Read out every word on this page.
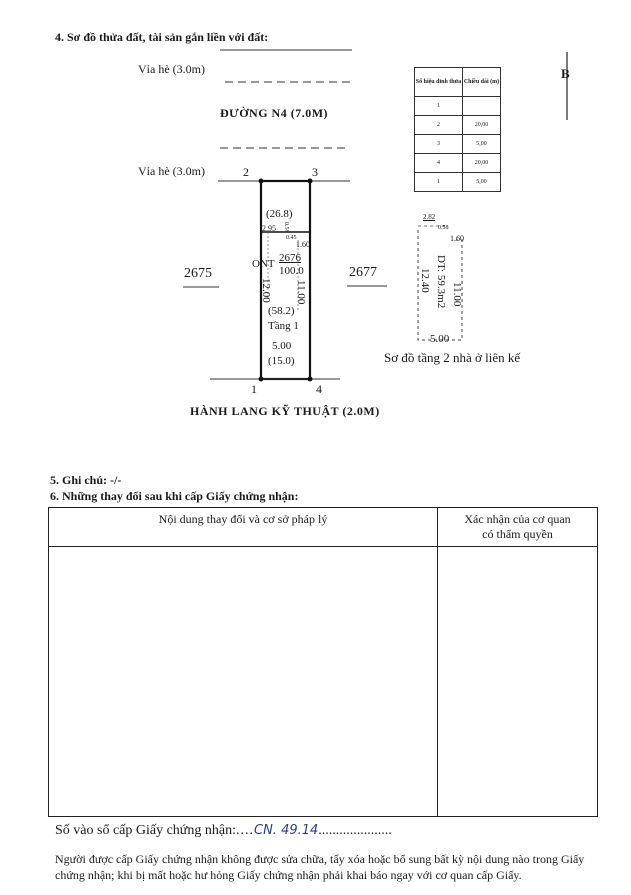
4. Sơ đồ thửa đất, tài sản gắn liền với đất:
Vỉa hè (3.0m)
ĐƯỜNG N4 (7.0M)
Vỉa hè (3.0m)	2	3
1	4
2675	2677
(26.8)
2.95 0.58
0.45
1.60
ONT 2676
100.0
12.00 11.00
(58.2)
Tầng 1
5.00
(15.0)
HÀNH LANG KỸ THUẬT (2.0M)
Số hiệu đỉnh thửa	Chiều dài (m)
1	
2	20,00
3	5,00
4	20,00
1	5,00
B
2.82
0.58
1.60
12.40 DT: 59.3m2 11.00
5.00
Sơ đồ tầng 2 nhà ở liên kế
5. Ghi chú: -/-
6. Những thay đổi sau khi cấp Giấy chứng nhận:
Nội dung thay đổi và cơ sở pháp lý	Xác nhận của cơ quan
có thẩm quyền

Số vào sổ cấp Giấy chứng nhận:....CN. 49.14.....................
Người được cấp Giấy chứng nhận không được sửa chữa, tẩy xóa hoặc bổ sung bất kỳ nội dung nào trong Giấy chứng nhận; khi bị mất hoặc hư hỏng Giấy chứng nhận phải khai báo ngay với cơ quan cấp Giấy.
